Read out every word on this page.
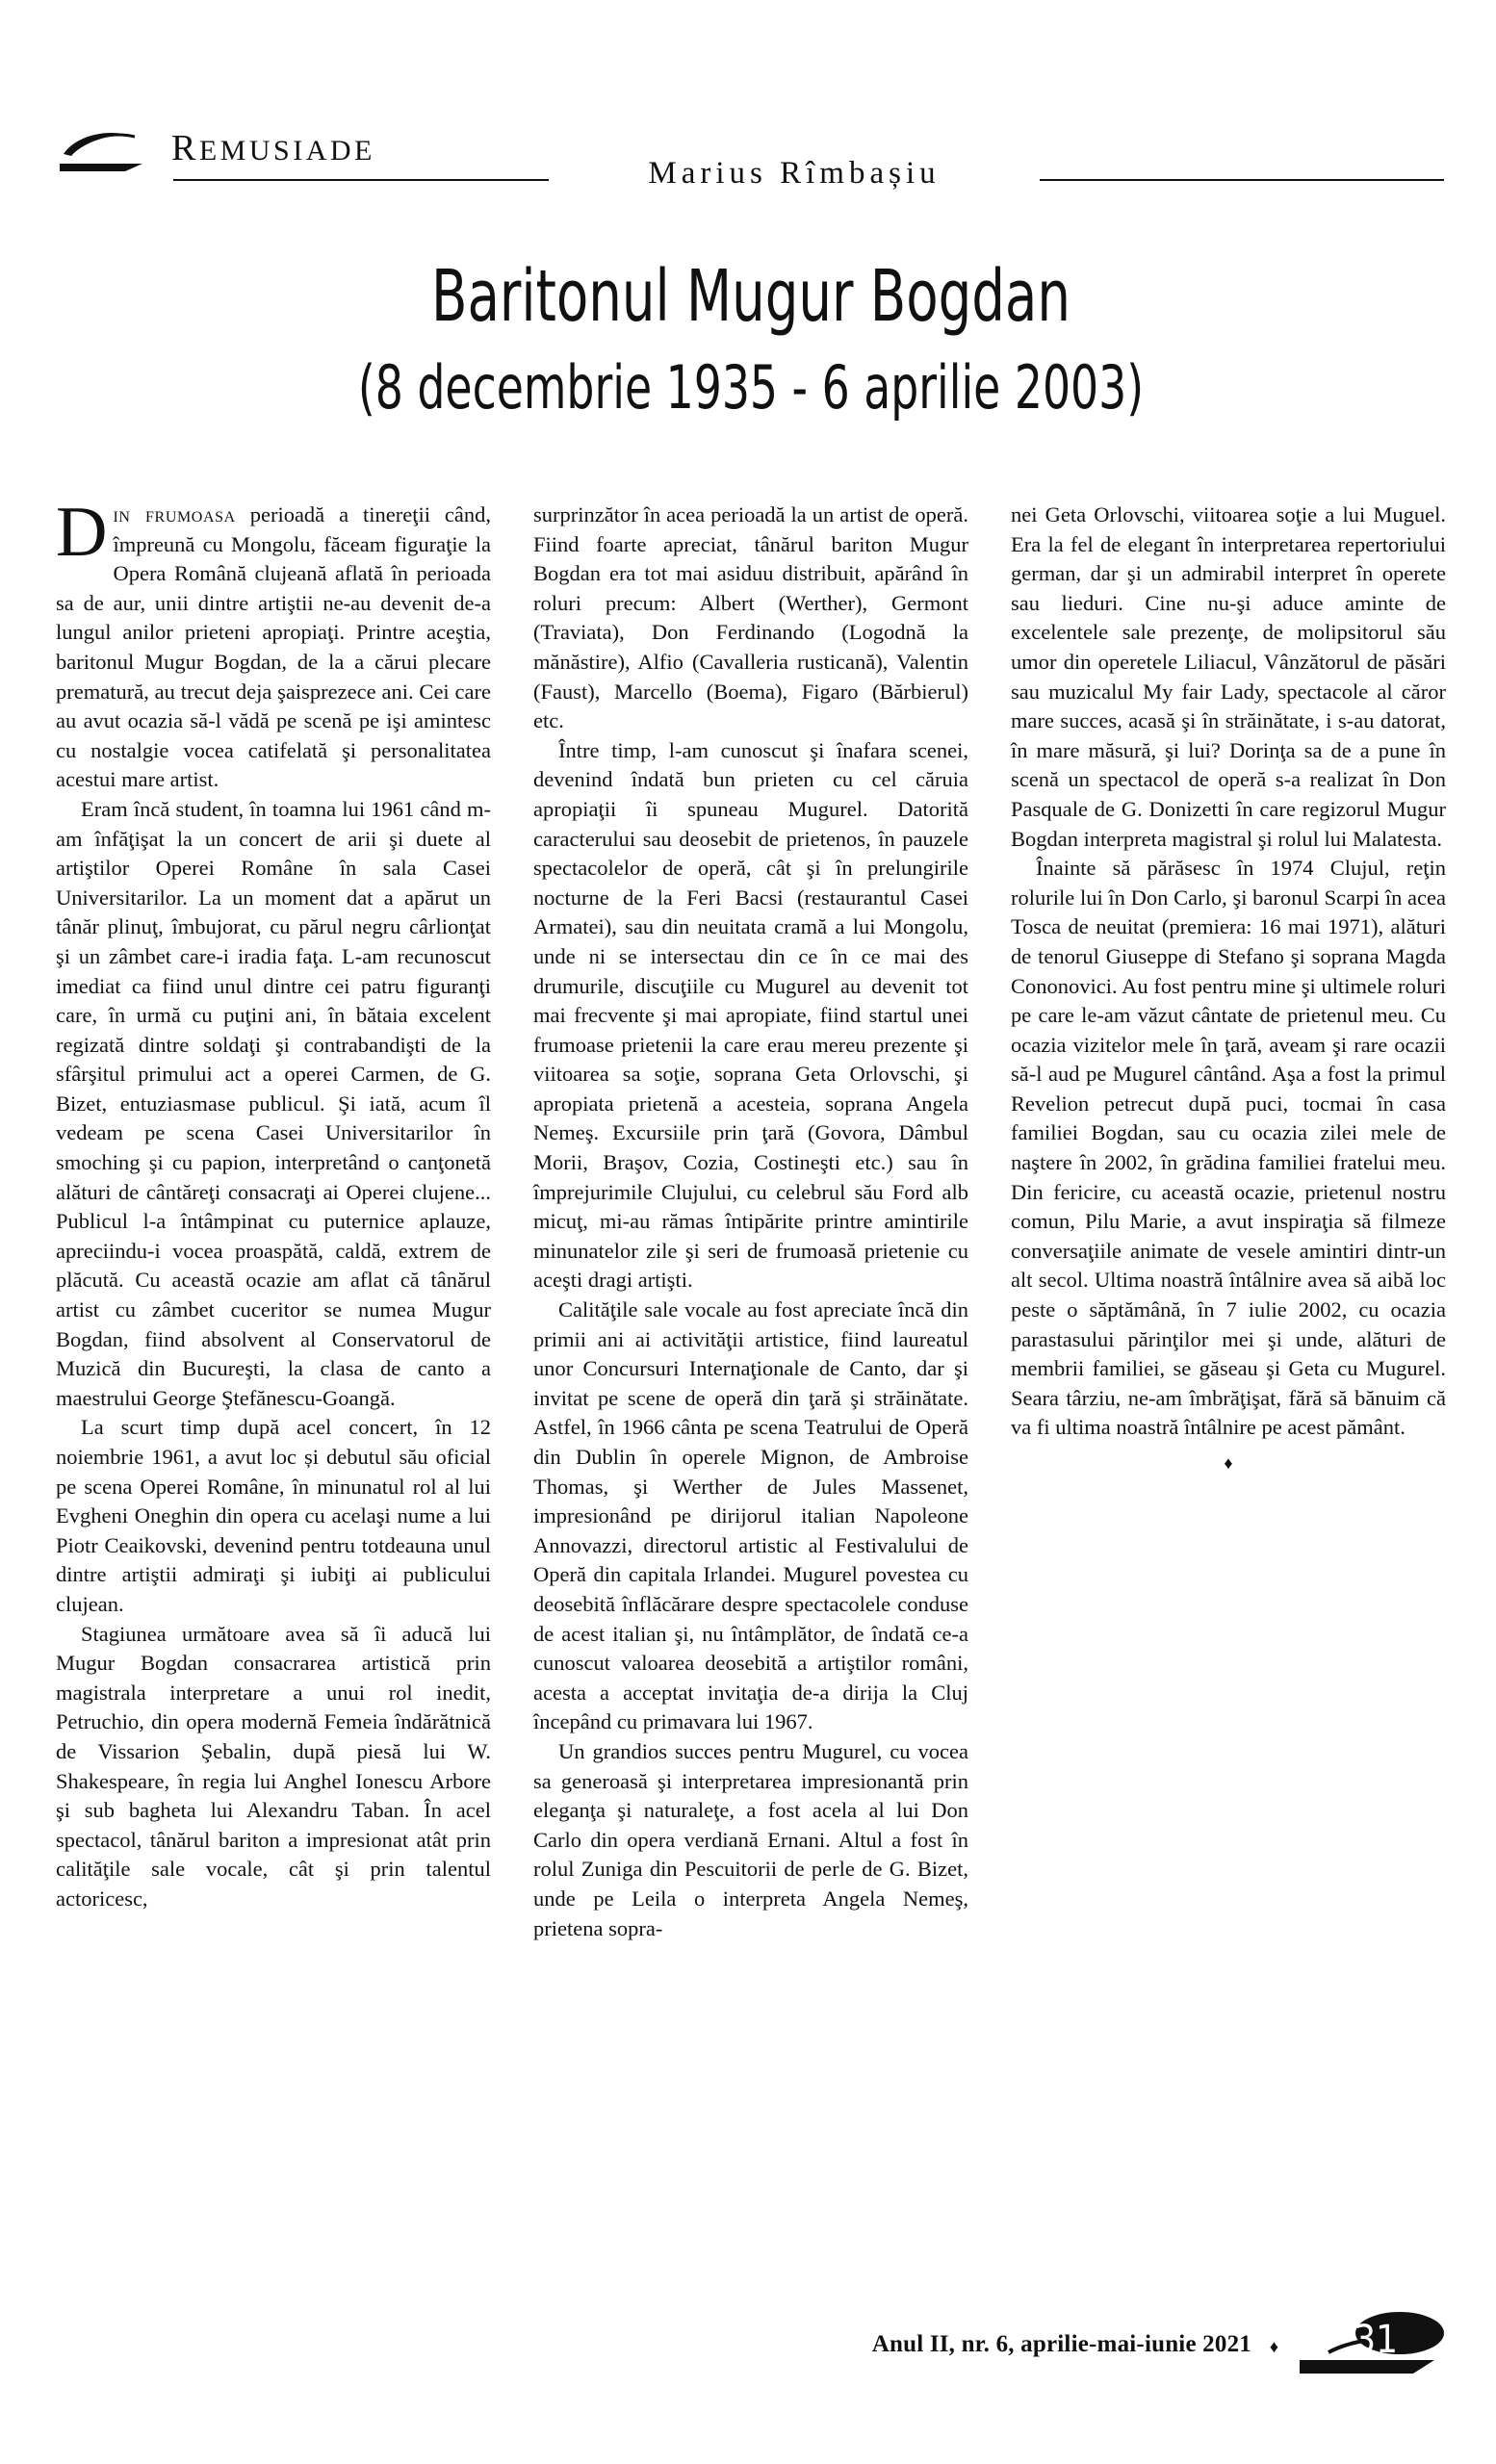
REMUSIADE
Marius Rîmbașiu
Baritonul Mugur Bogdan
(8 decembrie 1935 - 6 aprilie 2003)

Din frumoasa perioadă a tinereţii când, împreună cu Mongolu, făceam figuraţie la Opera Română clujeană aflată în perioada sa de aur, unii dintre artiştii ne-au devenit de-a lungul anilor prieteni apropiaţi. Printre aceştia, baritonul Mugur Bogdan, de la a cărui plecare prematură, au trecut deja şaisprezece ani. Cei care au avut ocazia să-l vădă pe scenă pe işi amintesc cu nostalgie vocea catifelată şi personalitatea acestui mare artist.

Eram încă student, în toamna lui 1961 când m-am înfăţişat la un concert de arii şi duete al artiştilor Operei Române în sala Casei Universitarilor. La un moment dat a apărut un tânăr plinuţ, îmbujorat, cu părul negru cârlionţat şi un zâmbet care-i iradia faţa. L-am recunoscut imediat ca fiind unul dintre cei patru figuranţi care, în urmă cu puţini ani, în bătaia excelent regizată dintre soldaţi şi contrabandişti de la sfârşitul primului act a operei Carmen, de G. Bizet, entuziasmase publicul. Şi iată, acum îl vedeam pe scena Casei Universitarilor în smoching şi cu papion, interpretând o canţonetă alături de cântăreţi consacraţi ai Operei clujene... Publicul l-a întâmpinat cu puternice aplauze, apreciindu-i vocea proaspătă, caldă, extrem de plăcută. Cu această ocazie am aflat că tânărul artist cu zâmbet cuceritor se numea Mugur Bogdan, fiind absolvent al Conservatorul de Muzică din Bucureşti, la clasa de canto a maestrului George Ştefănescu-Goangă.

La scurt timp după acel concert, în 12 noiembrie 1961, a avut loc și debutul său oficial pe scena Operei Române, în minunatul rol al lui Evgheni Oneghin din opera cu acelaşi nume a lui Piotr Ceaikovski, devenind pentru totdeauna unul dintre artiştii admiraţi şi iubiţi ai publicului clujean.

Stagiunea următoare avea să îi aducă lui Mugur Bogdan consacrarea artistică prin magistrala interpretare a unui rol inedit, Petruchio, din opera modernă Femeia îndărătnică de Vissarion Şebalin, după piesă lui W. Shakespeare, în regia lui Anghel Ionescu Arbore şi sub bagheta lui Alexandru Taban. În acel spectacol, tânărul bariton a impresionat atât prin calităţile sale vocale, cât şi prin talentul actoricesc,

surprinzător în acea perioadă la un artist de operă. Fiind foarte apreciat, tânărul bariton Mugur Bogdan era tot mai asiduu distribuit, apărând în roluri precum: Albert (Werther), Germont (Traviata), Don Ferdinando (Logodnă la mănăstire), Alfio (Cavalleria rusticană), Valentin (Faust), Marcello (Boema), Figaro (Bărbierul) etc.

Între timp, l-am cunoscut şi înafara scenei, devenind îndată bun prieten cu cel căruia apropiaţii îi spuneau Mugurel. Datorită caracterului sau deosebit de prietenos, în pauzele spectacolelor de operă, cât şi în prelungirile nocturne de la Feri Bacsi (restaurantul Casei Armatei), sau din neuitata cramă a lui Mongolu, unde ni se intersectau din ce în ce mai des drumurile, discuţiile cu Mugurel au devenit tot mai frecvente şi mai apropiate, fiind startul unei frumoase prietenii la care erau mereu prezente şi viitoarea sa soţie, soprana Geta Orlovschi, şi apropiata prietenă a acesteia, soprana Angela Nemeş. Excursiile prin ţară (Govora, Dâmbul Morii, Braşov, Cozia, Costineşti etc.) sau în împrejurimile Clujului, cu celebrul său Ford alb micuţ, mi-au rămas întipărite printre amintirile minunatelor zile şi seri de frumoasă prietenie cu aceşti dragi artişti.

Calităţile sale vocale au fost apreciate încă din primii ani ai activităţii artistice, fiind laureatul unor Concursuri Internaţionale de Canto, dar şi invitat pe scene de operă din ţară şi străinătate. Astfel, în 1966 cânta pe scena Teatrului de Operă din Dublin în operele Mignon, de Ambroise Thomas, şi Werther de Jules Massenet, impresionând pe dirijorul italian Napoleone Annovazzi, directorul artistic al Festivalului de Operă din capitala Irlandei. Mugurel povestea cu deosebită înflăcărare despre spectacolele conduse de acest italian şi, nu întâmplător, de îndată ce-a cunoscut valoarea deosebită a artiştilor români, acesta a acceptat invitaţia de-a dirija la Cluj începând cu primavara lui 1967.

Un grandios succes pentru Mugurel, cu vocea sa generoasă şi interpretarea impresionantă prin eleganţa şi naturaleţe, a fost acela al lui Don Carlo din opera verdiană Ernani. Altul a fost în rolul Zuniga din Pescuitorii de perle de G. Bizet, unde pe Leila o interpreta Angela Nemeş, prietena sopra-

nei Geta Orlovschi, viitoarea soţie a lui Muguel. Era la fel de elegant în interpretarea repertoriului german, dar şi un admirabil interpret în operete sau lieduri. Cine nu-şi aduce aminte de excelentele sale prezenţe, de molipsitorul său umor din operetele Liliacul, Vânzătorul de păsări sau muzicalul My fair Lady, spectacole al căror mare succes, acasă şi în străinătate, i s-au datorat, în mare măsură, şi lui? Dorinţa sa de a pune în scenă un spectacol de operă s-a realizat în Don Pasquale de G. Donizetti în care regizorul Mugur Bogdan interpreta magistral şi rolul lui Malatesta.

Înainte să părăsesc în 1974 Clujul, reţin rolurile lui în Don Carlo, şi baronul Scarpi în acea Tosca de neuitat (premiera: 16 mai 1971), alături de tenorul Giuseppe di Stefano şi soprana Magda Cononovici. Au fost pentru mine şi ultimele roluri pe care le-am văzut cântate de prietenul meu. Cu ocazia vizitelor mele în ţară, aveam şi rare ocazii să-l aud pe Mugurel cântând. Aşa a fost la primul Revelion petrecut după puci, tocmai în casa familiei Bogdan, sau cu ocazia zilei mele de naştere în 2002, în grădina familiei fratelui meu. Din fericire, cu această ocazie, prietenul nostru comun, Pilu Marie, a avut inspiraţia să filmeze conversaţiile animate de vesele amintiri dintr-un alt secol. Ultima noastră întâlnire avea să aibă loc peste o săptămână, în 7 iulie 2002, cu ocazia parastasului părinţilor mei şi unde, alături de membrii familiei, se găseau şi Geta cu Mugurel. Seara târziu, ne-am îmbrăţişat, fără să bănuim că va fi ultima noastră întâlnire pe acest pământ.

♦
Anul II, nr. 6, aprilie-mai-iunie 2021 ♦ 31
